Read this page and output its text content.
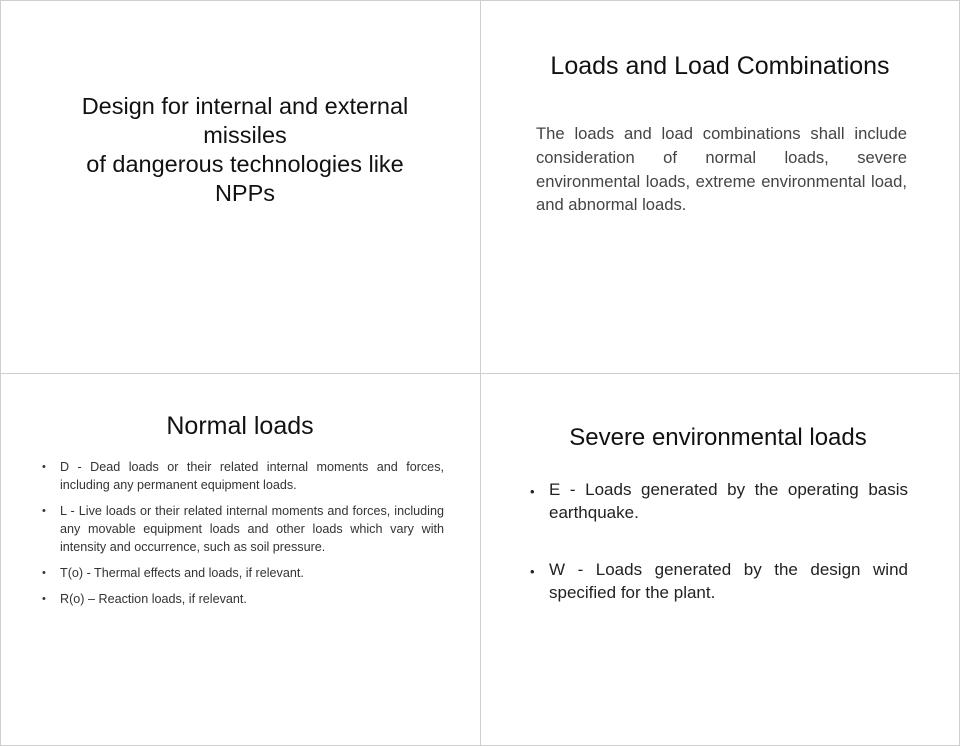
Design for internal and external
missiles
of dangerous technologies like
NPPs
Loads and Load Combinations
The loads and load combinations shall include consideration of normal loads, severe environmental loads, extreme environmental load, and abnormal loads.
Normal loads
• D - Dead loads or their related internal moments and forces, including any permanent equipment loads.
• L - Live loads or their related internal moments and forces, including any movable equipment loads and other loads which vary with intensity and occurrence, such as soil pressure.
• T(o) - Thermal effects and loads, if relevant.
• R(o) – Reaction loads, if relevant.
Severe environmental loads
• E - Loads generated by the operating basis earthquake.
• W - Loads generated by the design wind specified for the plant.
